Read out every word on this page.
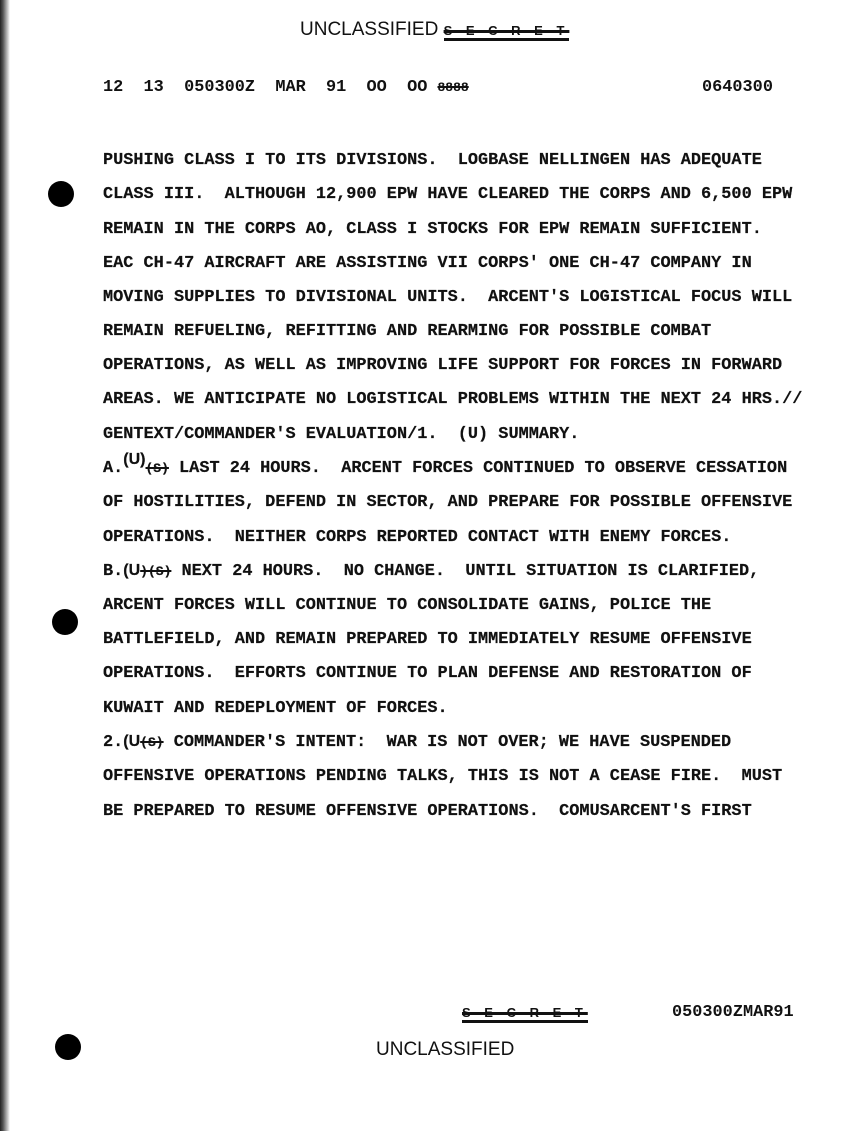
UNCLASSIFIED S E C R E T
12  13  050300Z  MAR  91  OO  OO 8888	0640300
PUSHING CLASS I TO ITS DIVISIONS.  LOGBASE NELLINGEN HAS ADEQUATE
CLASS III.  ALTHOUGH 12,900 EPW HAVE CLEARED THE CORPS AND 6,500 EPW
REMAIN IN THE CORPS AO, CLASS I STOCKS FOR EPW REMAIN SUFFICIENT.
EAC CH-47 AIRCRAFT ARE ASSISTING VII CORPS' ONE CH-47 COMPANY IN
MOVING SUPPLIES TO DIVISIONAL UNITS.  ARCENT'S LOGISTICAL FOCUS WILL
REMAIN REFUELING, REFITTING AND REARMING FOR POSSIBLE COMBAT
OPERATIONS, AS WELL AS IMPROVING LIFE SUPPORT FOR FORCES IN FORWARD
AREAS. WE ANTICIPATE NO LOGISTICAL PROBLEMS WITHIN THE NEXT 24 HRS.//
GENTEXT/COMMANDER'S EVALUATION/1.  (U) SUMMARY.
A.(U)(S) LAST 24 HOURS.  ARCENT FORCES CONTINUED TO OBSERVE CESSATION
OF HOSTILITIES, DEFEND IN SECTOR, AND PREPARE FOR POSSIBLE OFFENSIVE
OPERATIONS.  NEITHER CORPS REPORTED CONTACT WITH ENEMY FORCES.
B.(U)(S) NEXT 24 HOURS.  NO CHANGE.  UNTIL SITUATION IS CLARIFIED,
ARCENT FORCES WILL CONTINUE TO CONSOLIDATE GAINS, POLICE THE
BATTLEFIELD, AND REMAIN PREPARED TO IMMEDIATELY RESUME OFFENSIVE
OPERATIONS.  EFFORTS CONTINUE TO PLAN DEFENSE AND RESTORATION OF
KUWAIT AND REDEPLOYMENT OF FORCES.
2.(U(S) COMMANDER'S INTENT:  WAR IS NOT OVER; WE HAVE SUSPENDED
OFFENSIVE OPERATIONS PENDING TALKS, THIS IS NOT A CEASE FIRE.  MUST
BE PREPARED TO RESUME OFFENSIVE OPERATIONS.  COMUSARCENT'S FIRST
S E C R E T	050300ZMAR91
UNCLASSIFIED
